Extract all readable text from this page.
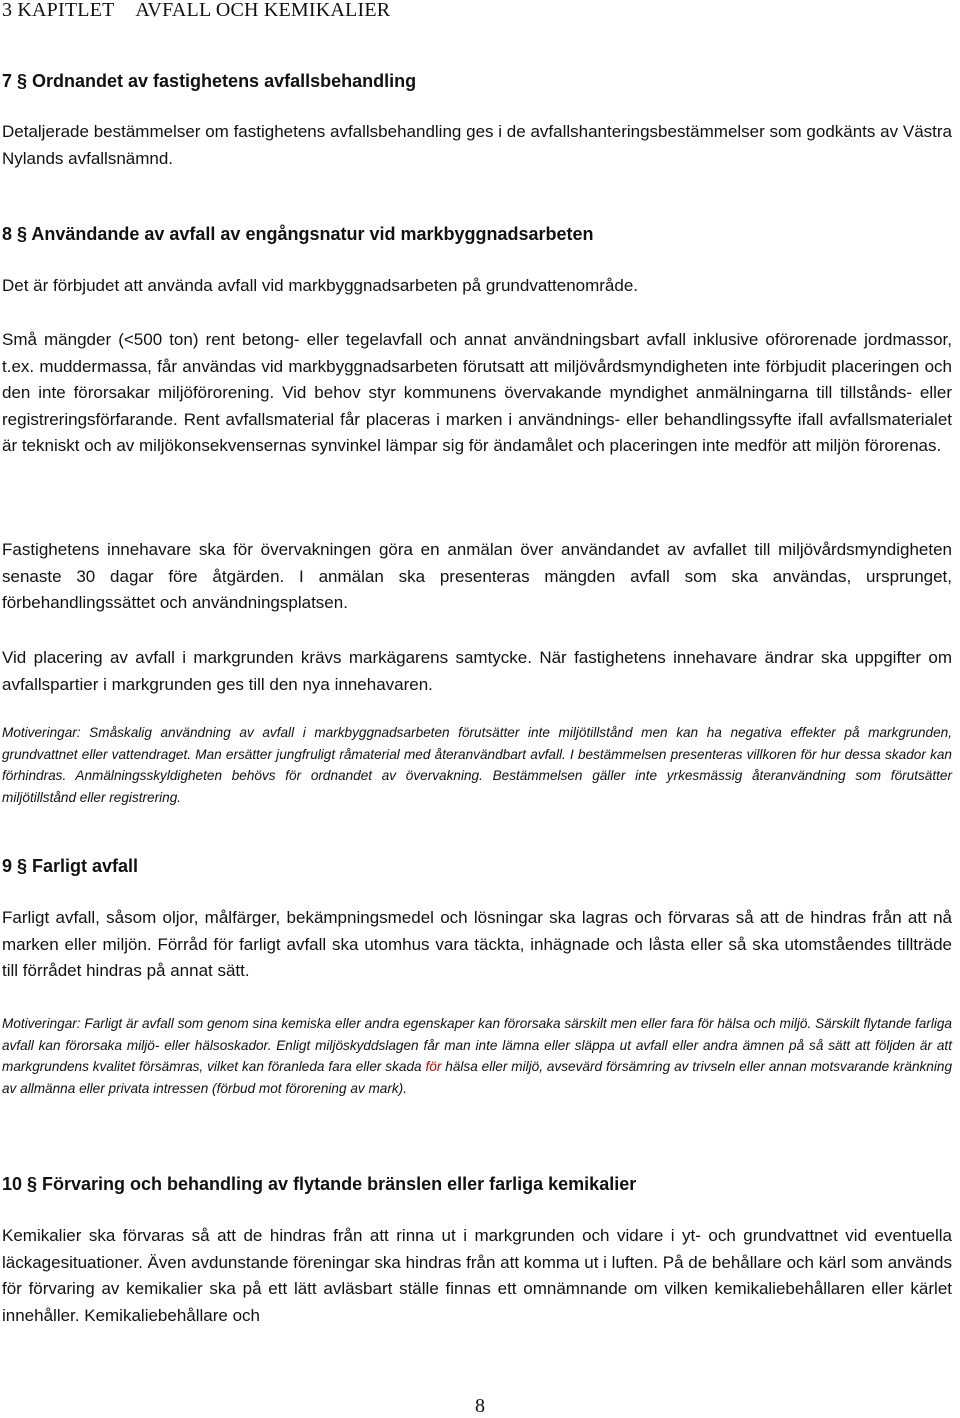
3 KAPITLET AVFALL OCH KEMIKALIER
7 § Ordnandet av fastighetens avfallsbehandling

Detaljerade bestämmelser om fastighetens avfallsbehandling ges i de avfallshanteringsbestämmelser som godkänts av Västra Nylands avfallsnämnd.

8 § Användande av avfall av engångsnatur vid markbyggnadsarbeten

Det är förbjudet att använda avfall vid markbyggnadsarbeten på grundvattenområde.

Små mängder (<500 ton) rent betong- eller tegelavfall och annat användningsbart avfall inklusive oförorenade jordmassor, t.ex. muddermassa, får användas vid markbyggnadsarbeten förutsatt att miljövårdsmyndigheten inte förbjudit placeringen och den inte förorsakar miljöförorening. Vid behov styr kommunens övervakande myndighet anmälningarna till tillstånds- eller registreringsförfarande. Rent avfallsmaterial får placeras i marken i användnings- eller behandlingssyfte ifall avfallsmaterialet är tekniskt och av miljökonsekvensernas synvinkel lämpar sig för ändamålet och placeringen inte medför att miljön förorenas.

Fastighetens innehavare ska för övervakningen göra en anmälan över användandet av avfallet till miljövårdsmyndigheten senaste 30 dagar före åtgärden. I anmälan ska presenteras mängden avfall som ska användas, ursprunget, förbehandlingssättet och användningsplatsen.

Vid placering av avfall i markgrunden krävs markägarens samtycke. När fastighetens innehavare ändrar ska uppgifter om avfallspartier i markgrunden ges till den nya innehavaren.

Motiveringar: Småskalig användning av avfall i markbyggnadsarbeten förutsätter inte miljötillstånd men kan ha negativa effekter på markgrunden, grundvattnet eller vattendraget. Man ersätter jungfruligt råmaterial med återanvändbart avfall. I bestämmelsen presenteras villkoren för hur dessa skador kan förhindras. Anmälningsskyldigheten behövs för ordnandet av övervakning. Bestämmelsen gäller inte yrkesmässig återanvändning som förutsätter miljötillstånd eller registrering.

9 § Farligt avfall

Farligt avfall, såsom oljor, målfärger, bekämpningsmedel och lösningar ska lagras och förvaras så att de hindras från att nå marken eller miljön. Förråd för farligt avfall ska utomhus vara täckta, inhägnade och låsta eller så ska utomståendes tillträde till förrådet hindras på annat sätt.

Motiveringar: Farligt är avfall som genom sina kemiska eller andra egenskaper kan förorsaka särskilt men eller fara för hälsa och miljö. Särskilt flytande farliga avfall kan förorsaka miljö- eller hälsoskador. Enligt miljöskyddslagen får man inte lämna eller släppa ut avfall eller andra ämnen på så sätt att följden är att markgrundens kvalitet försämras, vilket kan föranleda fara eller skada för hälsa eller miljö, avsevärd försämring av trivseln eller annan motsvarande kränkning av allmänna eller privata intressen (förbud mot förorening av mark).

10 § Förvaring och behandling av flytande bränslen eller farliga kemikalier

Kemikalier ska förvaras så att de hindras från att rinna ut i markgrunden och vidare i yt- och grundvattnet vid eventuella läckagesituationer. Även avdunstande föreningar ska hindras från att komma ut i luften. På de behållare och kärl som används för förvaring av kemikalier ska på ett lätt avläsbart ställe finnas ett omnämnande om vilken kemikaliebehållaren eller kärlet innehåller. Kemikaliebehållare och

8
